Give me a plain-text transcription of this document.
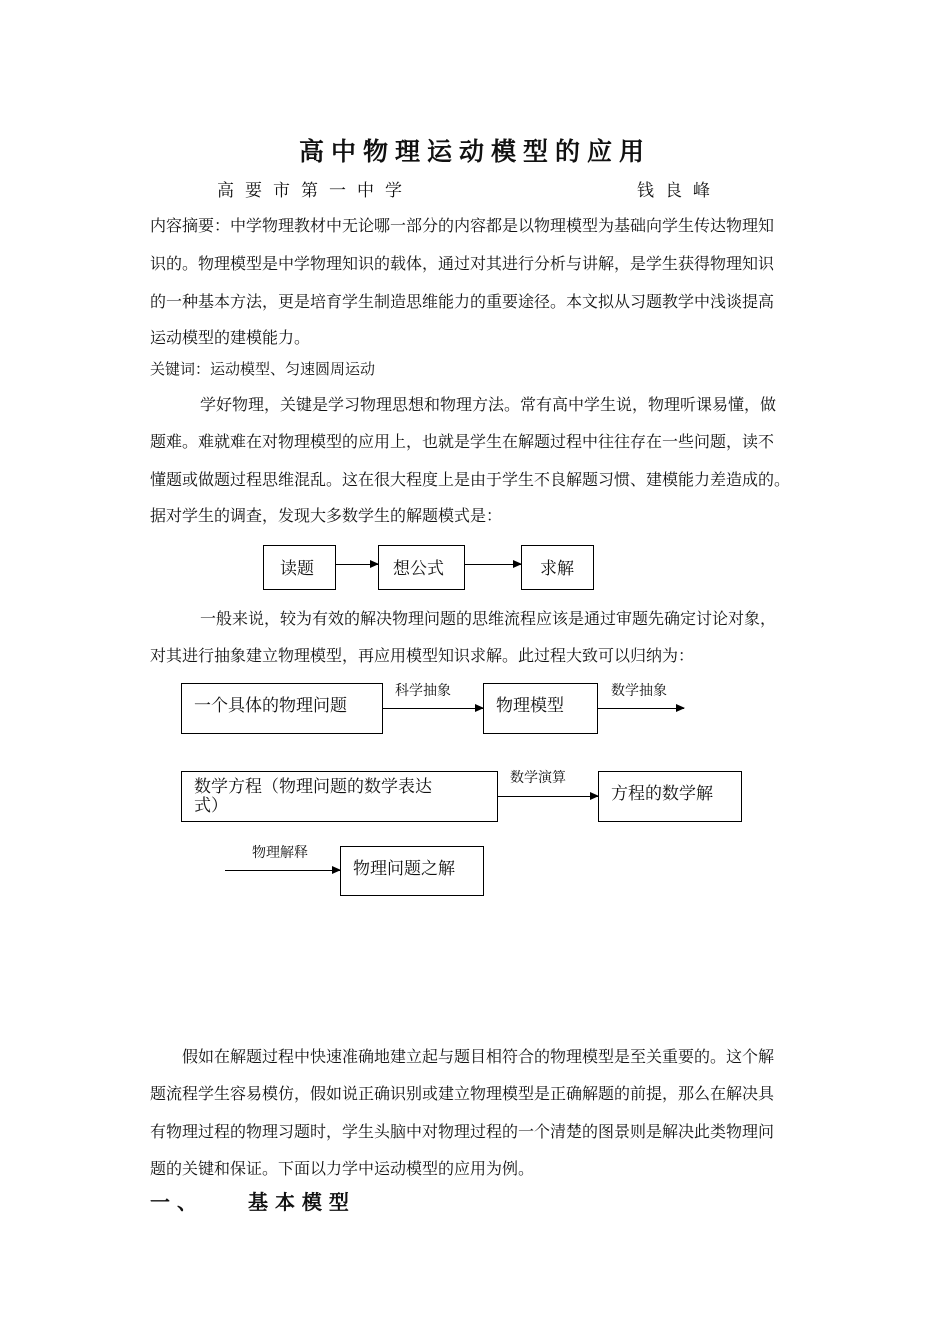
高中物理运动模型的应用
高要市第一中学	钱良峰
内容摘要：中学物理教材中无论哪一部分的内容都是以物理模型为基础向学生传达物理知
识的。物理模型是中学物理知识的载体，通过对其进行分析与讲解，是学生获得物理知识
的一种基本方法，更是培育学生制造思维能力的重要途径。本文拟从习题教学中浅谈提高
运动模型的建模能力。
关键词：运动模型、匀速圆周运动
学好物理，关键是学习物理思想和物理方法。常有高中学生说，物理听课易懂，做
题难。难就难在对物理模型的应用上，也就是学生在解题过程中往往存在一些问题，读不
懂题或做题过程思维混乱。这在很大程度上是由于学生不良解题习惯、建模能力差造成的。
据对学生的调查，发现大多数学生的解题模式是：
读题	想公式	求解
一般来说，较为有效的解决物理问题的思维流程应该是通过审题先确定讨论对象，
对其进行抽象建立物理模型，再应用模型知识求解。此过程大致可以归纳为：
一个具体的物理问题
科学抽象
物理模型
数学抽象
数学方程（物理问题的数学表达
式）
数学演算
方程的数学解
物理解释
物理问题之解
假如在解题过程中快速准确地建立起与题目相符合的物理模型是至关重要的。这个解
题流程学生容易模仿，假如说正确识别或建立物理模型是正确解题的前提，那么在解决具
有物理过程的物理习题时，学生头脑中对物理过程的一个清楚的图景则是解决此类物理问
题的关键和保证。下面以力学中运动模型的应用为例。
一 、	基 本 模 型
